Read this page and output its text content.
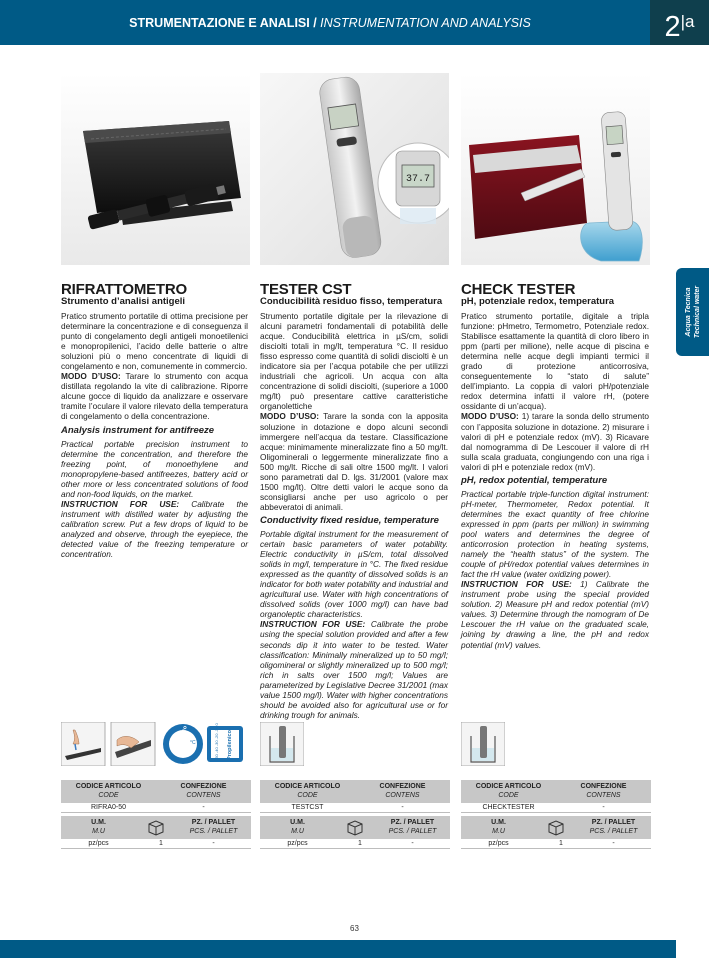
STRUMENTAZIONE E ANALISI / INSTRUMENTATION AND ANALYSIS	$2^{|a}$
Acqua Tecnica Technical water
RIFRATTOMETRO
Strumento d’analisi antigeli
Pratico strumento portatile di ottima precisione per determinare la concentrazione e di conseguenza il punto di congelamento degli antigeli monoetilenici e monopropilenici, l’acido delle batterie o altre soluzioni più o meno concentrate di liquidi di congelamento e non, comunemente in commercio.
MODO D’USO: Tarare lo strumento con acqua distillata regolando la vite di calibrazione. Riporre alcune gocce di liquido da analizzare e osservare tramite l’oculare il valore rilevato della temperatura di congelamento o della concentrazione.
Analysis instrument for antifreeze
Practical portable precision instrument to determine the concentration, and therefore the freezing point, of monoethylene and monopropylene-based antifreezes, battery acid or other more or less concentrated solutions of food and non-food liquids, on the market.
INSTRUCTION FOR USE: Calibrate the instrument with distilled water by adjusting the calibration screw. Put a few drops of liquid to be analyzed and observe, through the eyepiece, the detected value of the freezing temperature or concentration.
Etilenico °C	Propilenico
-50 -40 -30 -20 -10 0
CODICE ARTICOLO
CODE
CONFEZIONE
CONTENS
RIFRA0-50	-
U.M.
M.U
PZ. / PALLET
PCS. / PALLET
pz/pcs	1	-
37.7
TESTER CST
Conducibilità residuo fisso, temperatura
Strumento portatile digitale per la rilevazione di alcuni parametri fondamentali di potabilità delle acque. Conducibilità elettrica in µS/cm, solidi disciolti totali in mg/lt, temperatura °C. Il residuo fisso espresso come quantità di solidi disciolti è un indicatore sia per l’acqua potabile che per utilizzi industriali che agricoli. Un acqua con alta concentrazione di solidi disciolti, (superiore a 1000 mg/lt) può presentare cattive caratteristiche organolettiche
MODO D’USO: Tarare la sonda con la apposita soluzione in dotazione e dopo alcuni secondi immergere nell’acqua da testare. Classificazione acque: minimamente mineralizzate fino a 50 mg/lt. Oligominerali o leggermente mineralizzate fino a 500 mg/lt. Ricche di sali oltre 1500 mg/lt. I valori sono parametrati dal D. lgs. 31/2001 (valore max 1500 mg/lt). Oltre detti valori le acque sono da sconsigliarsi anche per uso agricolo o per abbeveratoi di animali.
Conductivity fixed residue, temperature
Portable digital instrument for the measurement of certain basic parameters of water potability. Electric conductivity in µS/cm, total dissolved solids in mg/l, temperature in °C. The fixed residue expressed as the quantity of dissolved solids is an indicator for both water potability and industrial and agricultural use. Water with high concentrations of dissolved solids (over 1000 mg/l) can have bad organoleptic characteristics.
INSTRUCTION FOR USE: Calibrate the probe using the special solution provided and after a few seconds dip it into water to be tested. Water classification: Minimally mineralized up to 50 mg/l; oligomineral or slightly mineralized up to 500 mg/l; rich in salts over 1500 mg/l; Values are parameterized by Legislative Decree 31/2001 (max value 1500 mg/l). Water with higher concentrations should be avoided also for agricultural use or for drinking trough for animals.
CODICE ARTICOLO
CODE
CONFEZIONE
CONTENS
TESTCST	-
U.M.
M.U
PZ. / PALLET
PCS. / PALLET
pz/pcs	1	-
CHECK TESTER
pH, potenziale redox, temperatura
Pratico strumento portatile, digitale a tripla funzione: pHmetro, Termometro, Potenziale redox. Stabilisce esattamente la quantità di cloro libero in ppm (parti per milione), nelle acque di piscina e determina nelle acque degli impianti termici il grado di protezione anticorrosiva, conseguentemente lo “stato di salute” dell’impianto. La coppia di valori pH/potenziale redox determina infatti il valore rH, (potere ossidante di un’acqua).
MODO D’USO: 1) tarare la sonda dello strumento con l’apposita soluzione in dotazione. 2) misurare i valori di pH e potenziale redox (mV). 3) Ricavare dal nomogramma di De Lescouer il valore di rH sulla scala graduata, congiungendo con una riga i valori di pH e potenziale redox (mV).
pH, redox potential, temperature
Practical portable triple-function digital instrument: pH-meter, Thermometer, Redox potential. It determines the exact quantity of free chlorine expressed in ppm (parts per million) in swimming pool waters and determines the degree of anticorrosion protection in heating systems, namely the “health status” of the system. The couple of pH/redox potential values determines in fact the rH value (water oxidizing power).
INSTRUCTION FOR USE: 1) Calibrate the instrument probe using the special provided solution. 2) Measure pH and redox potential (mV) values. 3) Determine through the nomogram of De Lescouer the rH value on the graduated scale, joining by drawing a line, the pH and redox potential (mV) values.
CODICE ARTICOLO
CODE
CONFEZIONE
CONTENS
CHECKTESTER	-
U.M.
M.U
PZ. / PALLET
PCS. / PALLET
pz/pcs	1	-
63
